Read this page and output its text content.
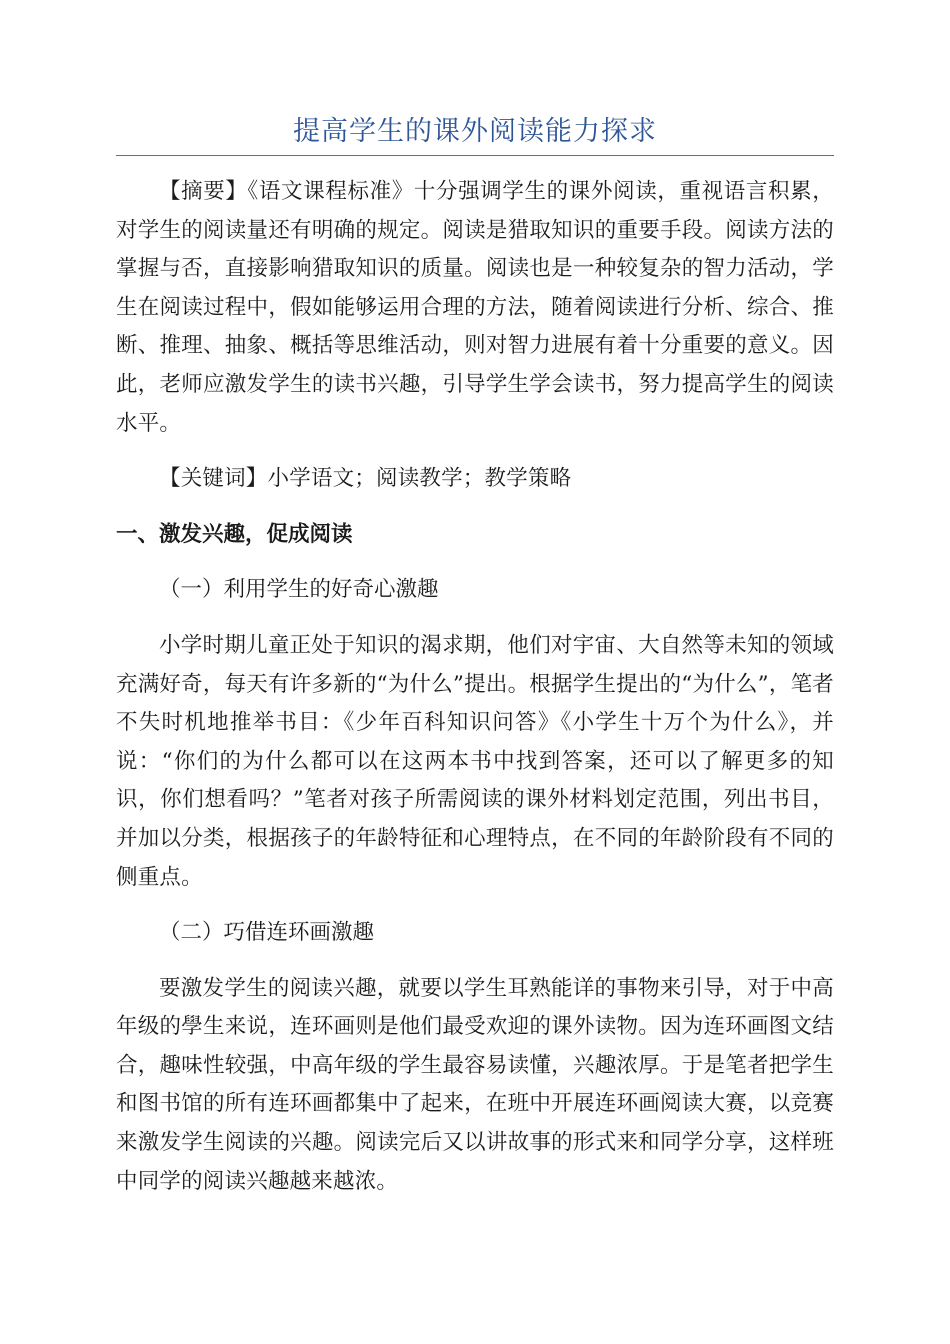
提高学生的课外阅读能力探求

【摘要】《语文课程标准》十分强调学生的课外阅读，重视语言积累，对学生的阅读量还有明确的规定。阅读是猎取知识的重要手段。阅读方法的掌握与否，直接影响猎取知识的质量。阅读也是一种较复杂的智力活动，学生在阅读过程中，假如能够运用合理的方法，随着阅读进行分析、综合、推断、推理、抽象、概括等思维活动，则对智力进展有着十分重要的意义。因此，老师应激发学生的读书兴趣，引导学生学会读书，努力提高学生的阅读水平。

【关键词】小学语文；阅读教学；教学策略

一、激发兴趣，促成阅读

（一）利用学生的好奇心激趣

小学时期儿童正处于知识的渴求期，他们对宇宙、大自然等未知的领域充满好奇，每天有许多新的“为什么”提出。根据学生提出的“为什么”，笔者不失时机地推举书目：《少年百科知识问答》《小学生十万个为什么》，并说：“你们的为什么都可以在这两本书中找到答案，还可以了解更多的知识，你们想看吗？”笔者对孩子所需阅读的课外材料划定范围，列出书目，并加以分类，根据孩子的年龄特征和心理特点，在不同的年龄阶段有不同的侧重点。

（二）巧借连环画激趣

要激发学生的阅读兴趣，就要以学生耳熟能详的事物来引导，对于中高年级的學生来说，连环画则是他们最受欢迎的课外读物。因为连环画图文结合，趣味性较强，中高年级的学生最容易读懂，兴趣浓厚。于是笔者把学生和图书馆的所有连环画都集中了起来，在班中开展连环画阅读大赛，以竞赛来激发学生阅读的兴趣。阅读完后又以讲故事的形式来和同学分享，这样班中同学的阅读兴趣越来越浓。
